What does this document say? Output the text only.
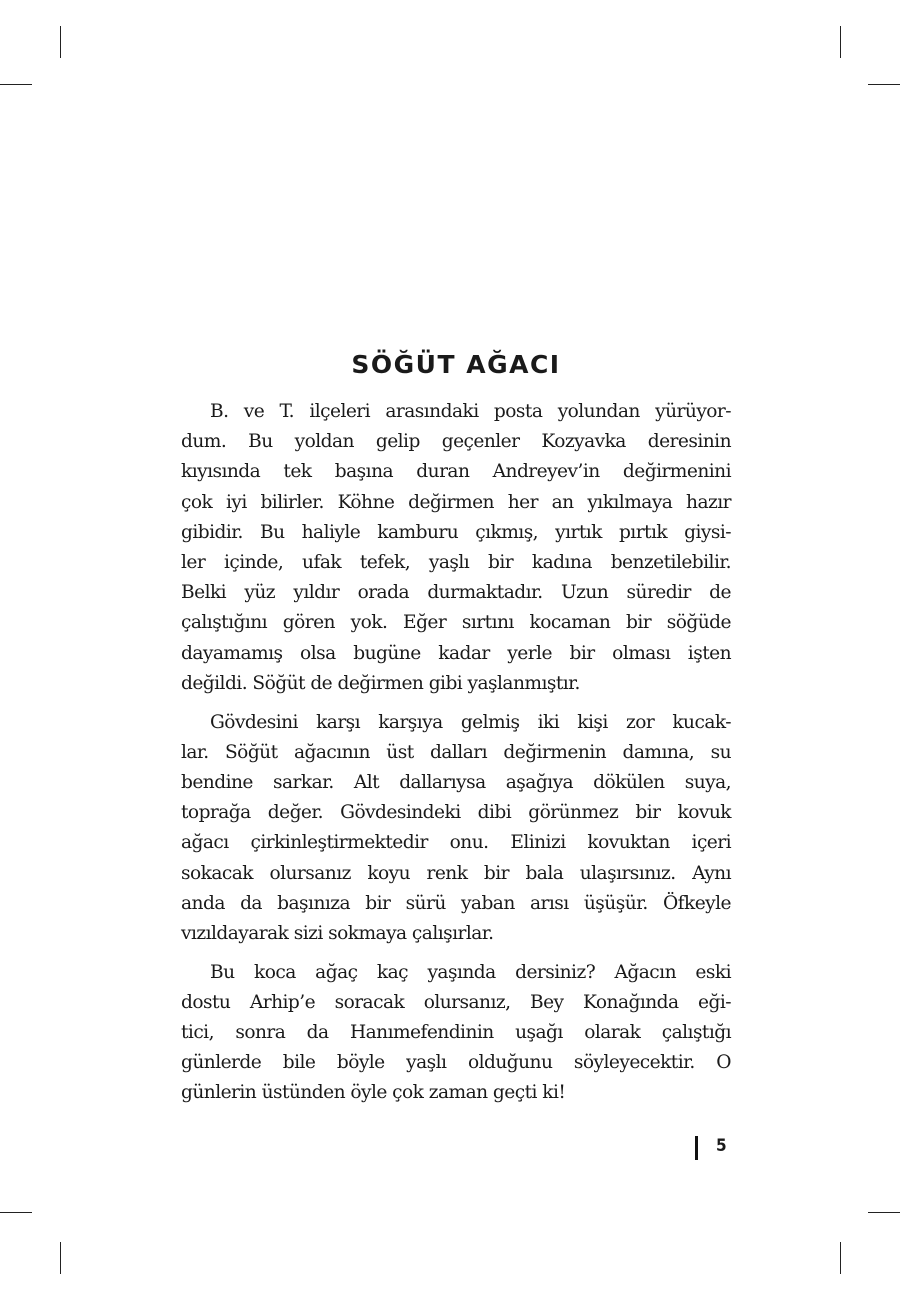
SÖĞÜT AĞACI
B. ve T. ilçeleri arasındaki posta yolundan yürüyor-
dum. Bu yoldan gelip geçenler Kozyavka deresinin
kıyısında tek başına duran Andreyev’in değirmenini
çok iyi bilirler. Köhne değirmen her an yıkılmaya hazır
gibidir. Bu haliyle kamburu çıkmış, yırtık pırtık giysi-
ler içinde, ufak tefek, yaşlı bir kadına benzetilebilir.
Belki yüz yıldır orada durmaktadır. Uzun süredir de
çalıştığını gören yok. Eğer sırtını kocaman bir söğüde
dayamamış olsa bugüne kadar yerle bir olması işten
değildi. Söğüt de değirmen gibi yaşlanmıştır.
Gövdesini karşı karşıya gelmiş iki kişi zor kucak-
lar. Söğüt ağacının üst dalları değirmenin damına, su
bendine sarkar. Alt dallarıysa aşağıya dökülen suya,
toprağa değer. Gövdesindeki dibi görünmez bir kovuk
ağacı çirkinleştirmektedir onu. Elinizi kovuktan içeri
sokacak olursanız koyu renk bir bala ulaşırsınız. Aynı
anda da başınıza bir sürü yaban arısı üşüşür. Öfkeyle
vızıldayarak sizi sokmaya çalışırlar.
Bu koca ağaç kaç yaşında dersiniz? Ağacın eski
dostu Arhip’e soracak olursanız, Bey Konağında eği-
tici, sonra da Hanımefendinin uşağı olarak çalıştığı
günlerde bile böyle yaşlı olduğunu söyleyecektir. O
günlerin üstünden öyle çok zaman geçti ki!
5
